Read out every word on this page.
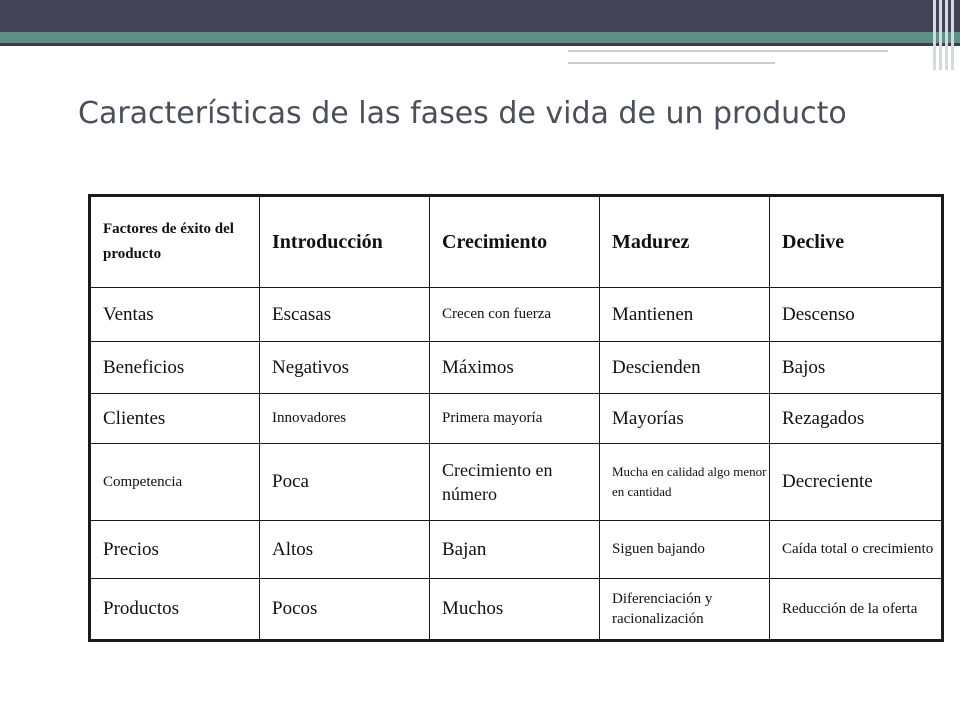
Características de las fases de vida de un producto
Factores de éxito del producto	Introducción	Crecimiento	Madurez	Declive
Ventas	Escasas	Crecen con fuerza	Mantienen	Descenso
Beneficios	Negativos	Máximos	Descienden	Bajos
Clientes	Innovadores	Primera mayoría	Mayorías	Rezagados
Competencia	Poca	Crecimiento en número	Mucha en calidad algo menor en cantidad	Decreciente
Precios	Altos	Bajan	Siguen bajando	Caída total o crecimiento
Productos	Pocos	Muchos	Diferenciación y racionalización	Reducción de la oferta
